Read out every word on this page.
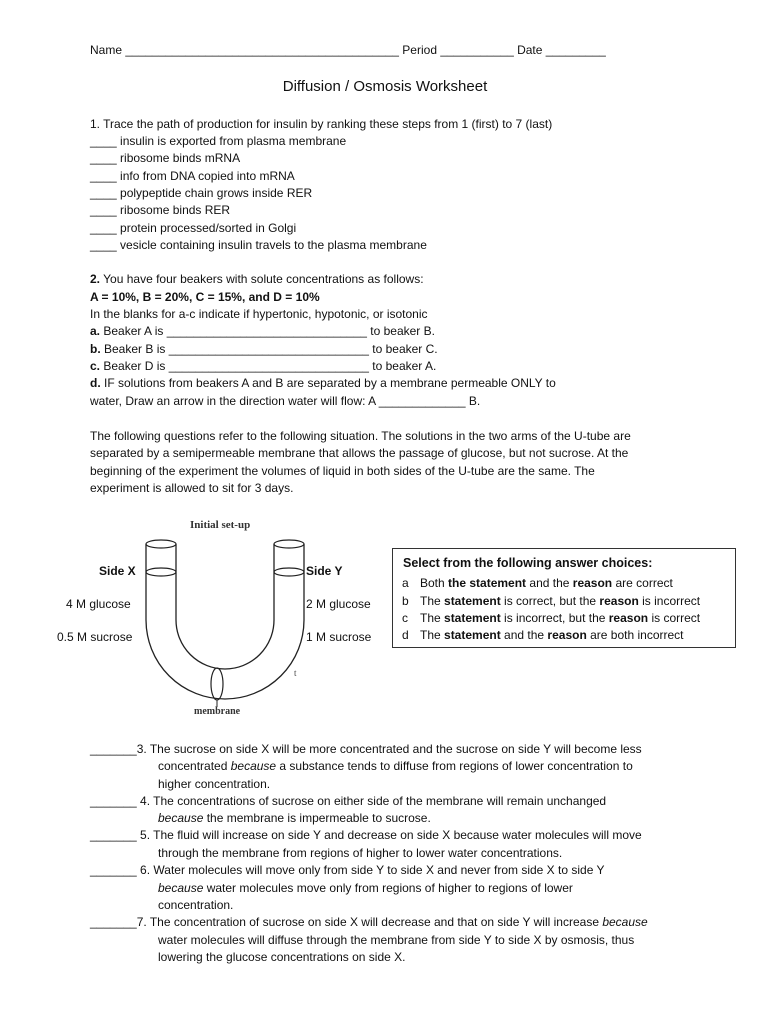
Name _________________________________________ Period ___________ Date _________
Diffusion / Osmosis Worksheet
1. Trace the path of production for insulin by ranking these steps from 1 (first) to 7 (last)
____ insulin is exported from plasma membrane
____ ribosome binds mRNA
____ info from DNA copied into mRNA
____ polypeptide chain grows inside RER
____ ribosome binds RER
____ protein processed/sorted in Golgi
____ vesicle containing insulin travels to the plasma membrane
2. You have four beakers with solute concentrations as follows:
A = 10%, B = 20%, C = 15%, and D = 10%
In the blanks for a-c indicate if hypertonic, hypotonic, or isotonic
a. Beaker A is ______________________________ to beaker B.
b. Beaker B is ______________________________ to beaker C.
c. Beaker D is ______________________________ to beaker A.
d. IF solutions from beakers A and B are separated by a membrane permeable ONLY to
water, Draw an arrow in the direction water will flow: A _____________ B.
The following questions refer to the following situation. The solutions in the two arms of the U-tube are
separated by a semipermeable membrane that allows the passage of glucose, but not sucrose. At the
beginning of the experiment the volumes of liquid in both sides of the U-tube are the same. The
experiment is allowed to sit for 3 days.
Initial set-up
membrane
t
Side X
4 M glucose
0.5 M sucrose
Side Y
2 M glucose
1 M sucrose
Select from the following answer choices:
a Both the statement and the reason are correct
b The statement is correct, but the reason is incorrect
c The statement is incorrect, but the reason is correct
d The statement and the reason are both incorrect
_______3. The sucrose on side X will be more concentrated and the sucrose on side Y will become less
concentrated because a substance tends to diffuse from regions of lower concentration to
higher concentration.
_______ 4. The concentrations of sucrose on either side of the membrane will remain unchanged
because the membrane is impermeable to sucrose.
_______ 5. The fluid will increase on side Y and decrease on side X because water molecules will move
through the membrane from regions of higher to lower water concentrations.
_______ 6. Water molecules will move only from side Y to side X and never from side X to side Y
because water molecules move only from regions of higher to regions of lower
concentration.
_______7. The concentration of sucrose on side X will decrease and that on side Y will increase because
water molecules will diffuse through the membrane from side Y to side X by osmosis, thus
lowering the glucose concentrations on side X.
